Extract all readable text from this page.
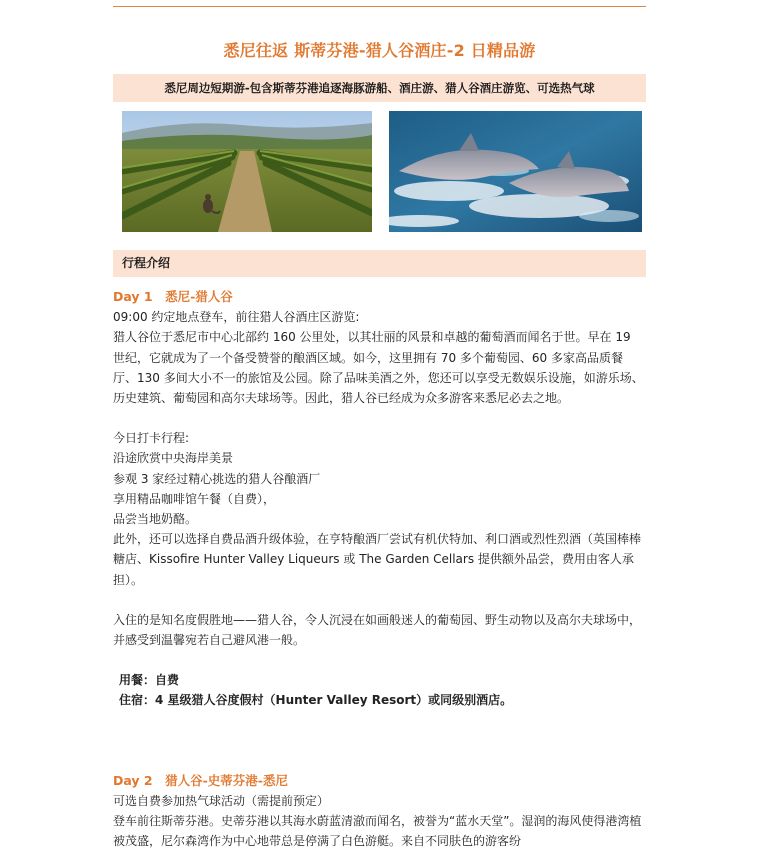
悉尼往返 斯蒂芬港-猎人谷酒庄-2 日精品游
悉尼周边短期游-包含斯蒂芬港追逐海豚游船、酒庄游、猎人谷酒庄游览、可选热气球
行程介绍

Day 1　悉尼-猎人谷

09:00 约定地点登车，前往猎人谷酒庄区游览:

猎人谷位于悉尼市中心北部约 160 公里处，以其壮丽的风景和卓越的葡萄酒而闻名于世。早在 19 世纪，它就成为了一个备受赞誉的酿酒区域。如今，这里拥有 70 多个葡萄园、60 多家高品质餐厅、130 多间大小不一的旅馆及公园。除了品味美酒之外，您还可以享受无数娱乐设施，如游乐场、历史建筑、葡萄园和高尔夫球场等。因此，猎人谷已经成为众多游客来悉尼必去之地。

今日打卡行程:

沿途欣赏中央海岸美景

参观 3 家经过精心挑选的猎人谷酿酒厂

享用精品咖啡馆午餐（自费），

品尝当地奶酪。

此外，还可以选择自费品酒升级体验，在亨特酿酒厂尝试有机伏特加、利口酒或烈性烈酒（英国棒棒糖店、Kissofire Hunter Valley Liqueurs 或 The Garden Cellars 提供额外品尝，费用由客人承担）。

入住的是知名度假胜地——猎人谷，令人沉浸在如画般迷人的葡萄园、野生动物以及高尔夫球场中，并感受到温馨宛若自己避风港一般。

用餐：自费

住宿：4 星级猎人谷度假村（Hunter Valley Resort）或同级别酒店。

Day 2　猎人谷-史蒂芬港-悉尼

可选自费参加热气球活动（需提前预定）

登车前往斯蒂芬港。史蒂芬港以其海水蔚蓝清澈而闻名，被誉为“蓝水天堂”。湿润的海风使得港湾植被茂盛，尼尔森湾作为中心地带总是停满了白色游艇。来自不同肤色的游客纷
